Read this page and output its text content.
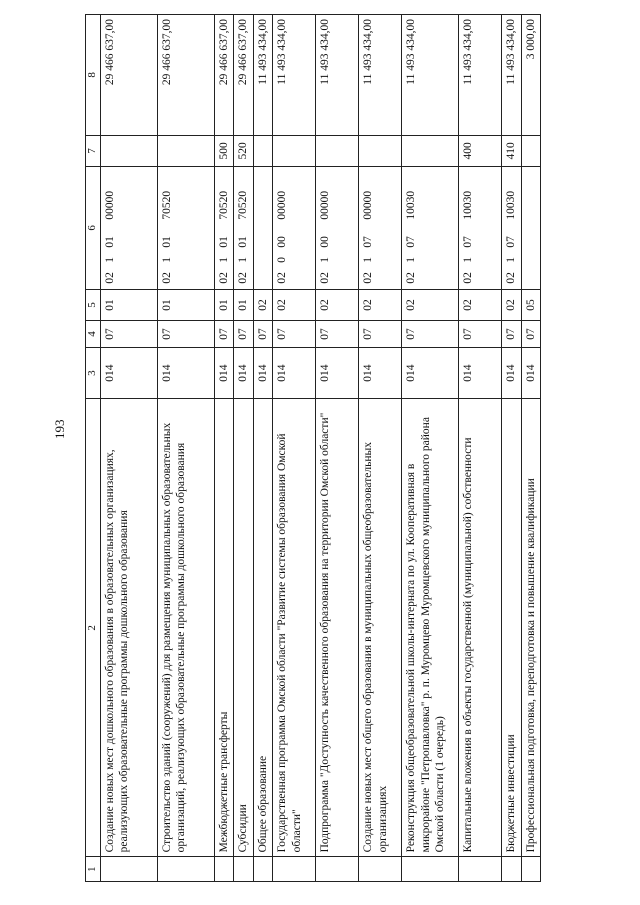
193
1	2	3	4	5	6	7	8
	Создание новых мест дошкольного образования в образовательных организациях, реализующих образовательные программы дошкольного образования	014	07	01	0210100000		29 466 637,00
	Строительство зданий (сооружений) для размещения муниципальных образовательных организаций, реализующих образовательные программы дошкольного образования	014	07	01	0210170520		29 466 637,00
	Межбюджетные трансферты	014	07	01	0210170520	500	29 466 637,00
	Субсидии	014	07	01	0210170520	520	29 466 637,00
	Общее образование	014	07	02			11 493 434,00
	Государственная программа Омской области "Развитие системы образования Омской области"	014	07	02	0200000000		11 493 434,00
	Подпрограмма "Доступность качественного образования на территории Омской области"	014	07	02	0210000000		11 493 434,00
	Создание новых мест общего образования в муниципальных общеобразовательных организациях	014	07	02	0210700000		11 493 434,00
	Реконструкция общеобразовательной школы-интерната по ул. Кооперативная в микрорайоне "Петропавловка" р. п. Муромцево Муромцевского муниципального района Омской области (1 очередь)	014	07	02	0210710030		11 493 434,00
	Капитальные вложения в объекты государственной (муниципальной) собственности	014	07	02	0210710030	400	11 493 434,00
	Бюджетные инвестиции	014	07	02	0210710030	410	11 493 434,00
	Профессиональная подготовка, переподготовка и повышение квалификации	014	07	05			3 000,00
